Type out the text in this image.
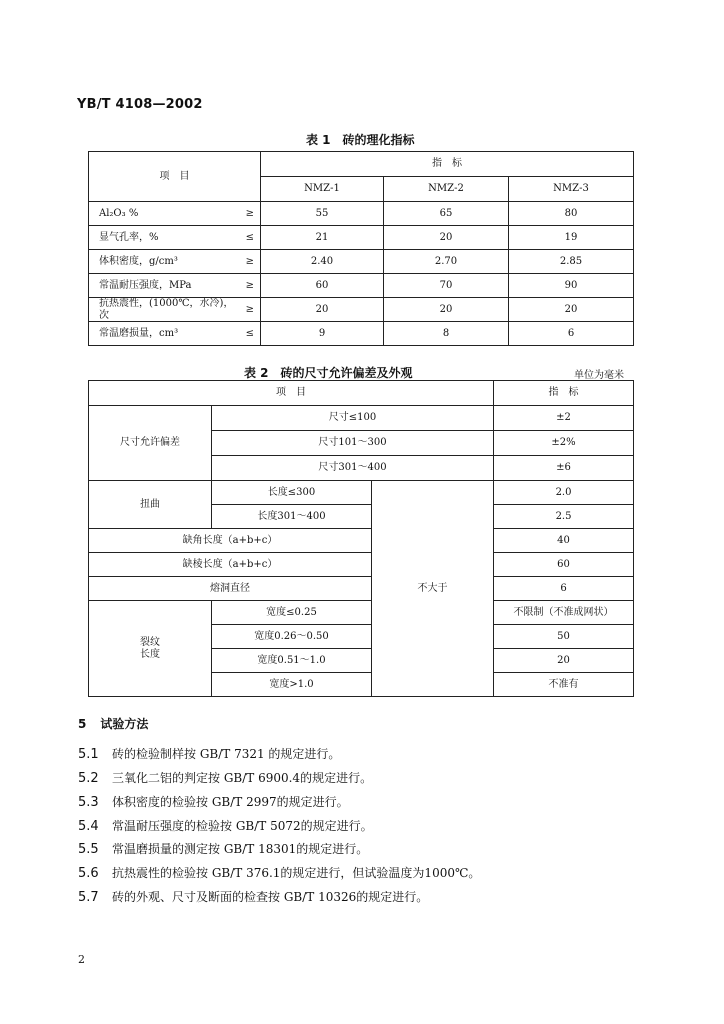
YB/T 4108—2002
表 1　砖的理化指标
项　目		指　标		
		NMZ-1	NMZ-2	NMZ-3
Al₂O₃ %	≥	55	65	80
显气孔率，%	≤	21	20	19
体积密度，g/cm³	≥	2.40	2.70	2.85
常温耐压强度，MPa	≥	60	70	90
抗热震性，(1000℃，水冷)，次	≥	20	20	20
常温磨损量，cm³	≤	9	8	6
表 2　砖的尺寸允许偏差及外观	单位为毫米
项　目			指　标
尺寸允许偏差	尺寸≤100		±2
	尺寸101～300		±2%
	尺寸301～400		±6
扭曲	长度≤300	不大于	2.0
	长度301～400		2.5
缺角长度（a+b+c）			40
缺棱长度（a+b+c）			60
熔洞直径			6
裂纹长度	宽度≤0.25		不限制（不准成网状）
	宽度0.26～0.50		50
	宽度0.51～1.0		20
	宽度>1.0		不准有
5 试验方法
5.1 砖的检验制样按 GB/T 7321 的规定进行。
5.2 三氧化二铝的判定按 GB/T 6900.4的规定进行。
5.3 体积密度的检验按 GB/T 2997的规定进行。
5.4 常温耐压强度的检验按 GB/T 5072的规定进行。
5.5 常温磨损量的测定按 GB/T 18301的规定进行。
5.6 抗热震性的检验按 GB/T 376.1的规定进行，但试验温度为1000℃。
5.7 砖的外观、尺寸及断面的检查按 GB/T 10326的规定进行。
2
